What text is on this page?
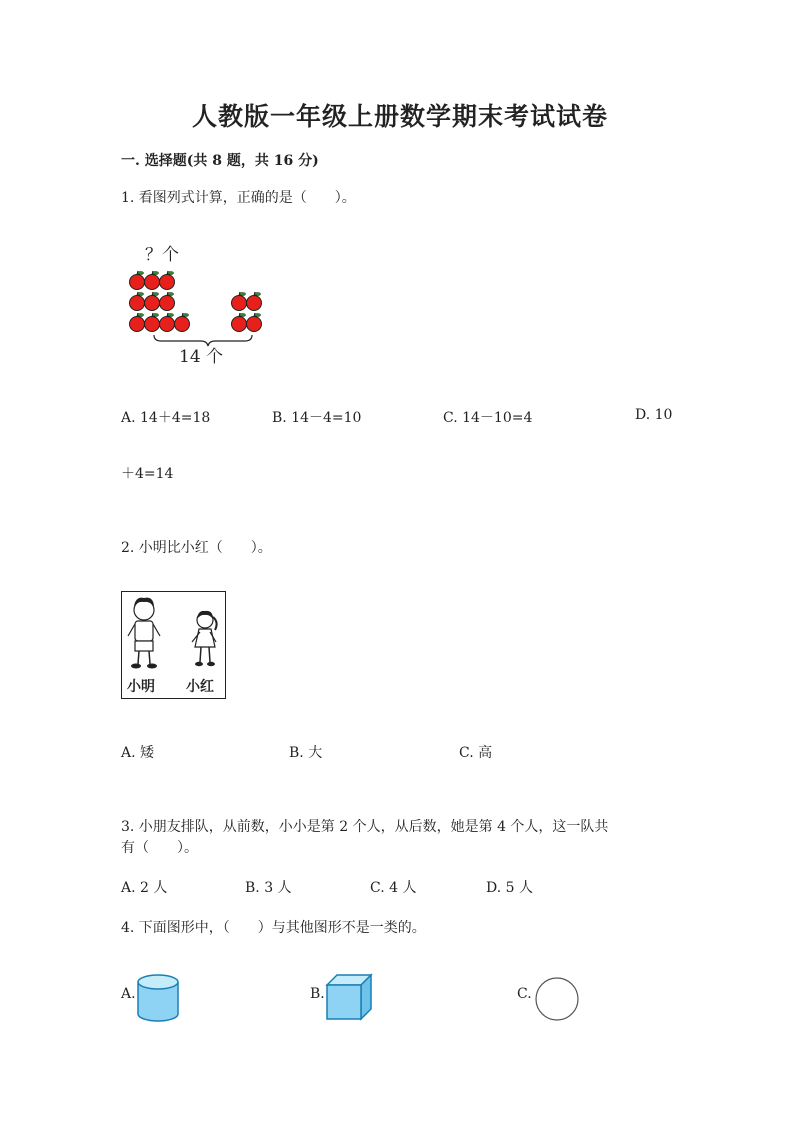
人教版一年级上册数学期末考试试卷
一. 选择题(共 8 题，共 16 分)
1. 看图列式计算，正确的是（　　）。
？个
14 个
A. 14＋4=18	B. 14－4=10	C. 14－10=4	D. 10
＋4=14
2. 小明比小红（　　）。
小明 小红
A. 矮	B. 大	C. 高
3. 小朋友排队，从前数，小小是第 2 个人，从后数，她是第 4 个人，这一队共
有（　　）。
A. 2 人	B. 3 人	C. 4 人	D. 5 人
4. 下面图形中，（　　）与其他图形不是一类的。
A.	B.	C.
